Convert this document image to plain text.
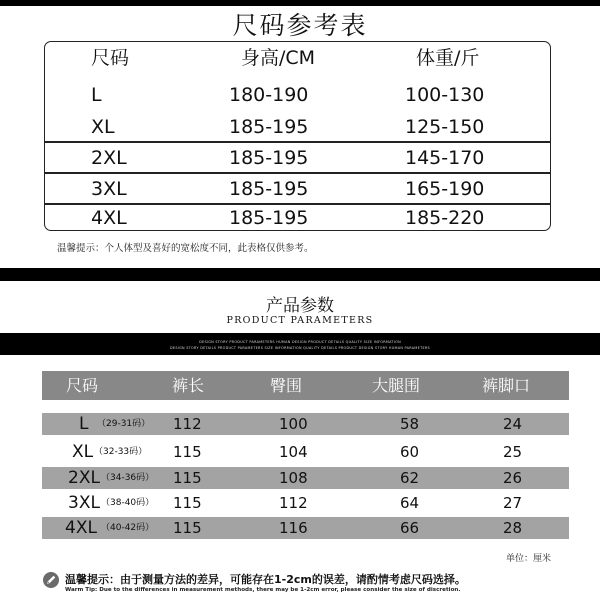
尺码参考表
尺码	身高/CM	体重/斤
L	180-190	100-130
XL	185-195	125-150
2XL	185-195	145-170
3XL	185-195	165-190
4XL	185-195	185-220
温馨提示：个人体型及喜好的宽松度不同，此表格仅供参考。
产品参数
PRODUCT PARAMETERS
DESIGN STORY PRODUCT PARAMETERS HUMAN DESIGN PRODUCT DETAILS QUALITY SIZE INFORMATION
DESIGN STORY DETAILS PRODUCT PARAMETERS SIZE INFORMATION QUALITY DETAILS PRODUCT DESIGN STORY HUMAN PARAMETERS
尺码	裤长	臀围	大腿围	裤脚口
L （29-31码） 112	100	58	24
XL （32-33码） 115	104	60	25
2XL （34-36码） 115	108	62	26
3XL （38-40码） 115	112	64	27
4XL （40-42码） 115	116	66	28
单位：厘米
温馨提示：由于测量方法的差异，可能存在1-2cm的误差，请酌情考虑尺码选择。
Warm Tip: Due to the differences in measurement methods, there may be 1-2cm error, please consider the size of discretion.
